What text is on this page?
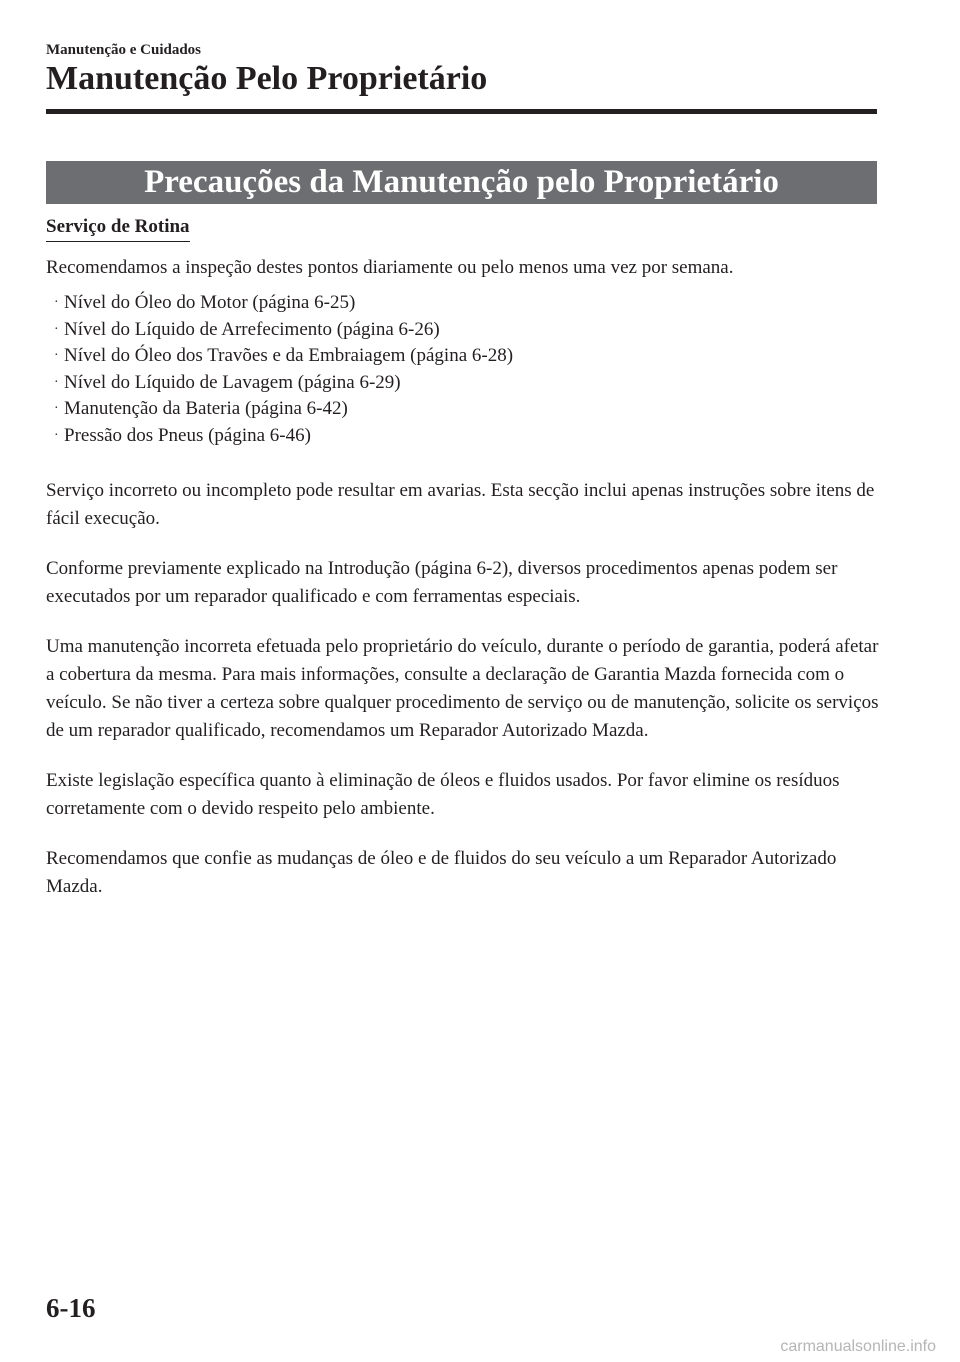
Manutenção e Cuidados

Manutenção Pelo Proprietário
Precauções da Manutenção pelo Proprietário
Serviço de Rotina

Recomendamos a inspeção destes pontos diariamente ou pelo menos uma vez por semana.

· Nível do Óleo do Motor (página 6-25)
· Nível do Líquido de Arrefecimento (página 6-26)
· Nível do Óleo dos Travões e da Embraiagem (página 6-28)
· Nível do Líquido de Lavagem (página 6-29)
· Manutenção da Bateria (página 6-42)
· Pressão dos Pneus (página 6-46)

Serviço incorreto ou incompleto pode resultar em avarias. Esta secção inclui apenas instruções sobre itens de fácil execução.

Conforme previamente explicado na Introdução (página 6-2), diversos procedimentos apenas podem ser executados por um reparador qualificado e com ferramentas especiais.

Uma manutenção incorreta efetuada pelo proprietário do veículo, durante o período de garantia, poderá afetar a cobertura da mesma. Para mais informações, consulte a declaração de Garantia Mazda fornecida com o veículo. Se não tiver a certeza sobre qualquer procedimento de serviço ou de manutenção, solicite os serviços de um reparador qualificado, recomendamos um Reparador Autorizado Mazda.

Existe legislação específica quanto à eliminação de óleos e fluidos usados. Por favor elimine os resíduos corretamente com o devido respeito pelo ambiente.

Recomendamos que confie as mudanças de óleo e de fluidos do seu veículo a um Reparador Autorizado Mazda.

6-16

carmanualsonline.info
